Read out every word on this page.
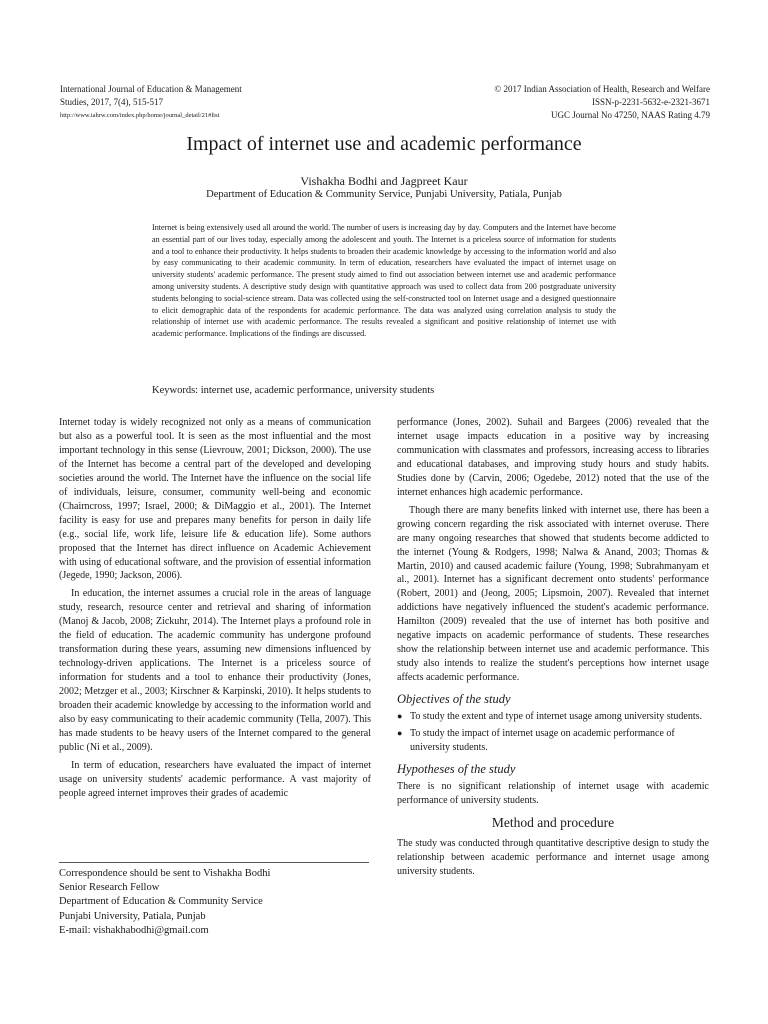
International Journal of Education & Management
Studies, 2017, 7(4), 515-517
http://www.iahrw.com/index.php/home/journal_detail/21#list
© 2017 Indian Association of Health, Research and Welfare
ISSN-p-2231-5632-e-2321-3671
UGC Journal No 47250, NAAS Rating 4.79
Impact of internet use and academic performance
Vishakha Bodhi and Jagpreet Kaur
Department of Education & Community Service, Punjabi University, Patiala, Punjab

Internet is being extensively used all around the world. The number of users is increasing day by day. Computers and the Internet have become an essential part of our lives today, especially among the adolescent and youth. The Internet is a priceless source of information for students and a tool to enhance their productivity. It helps students to broaden their academic knowledge by accessing to the information world and also by easy communicating to their academic community. In term of education, researchers have evaluated the impact of internet usage on university students' academic performance. The present study aimed to find out association between internet use and academic performance among university students. A descriptive study design with quantitative approach was used to collect data from 200 postgraduate university students belonging to social-science stream. Data was collected using the self-constructed tool on Internet usage and a designed questionnaire to elicit demographic data of the respondents for academic performance. The data was analyzed using correlation analysis to study the relationship of internet use with academic performance. The results revealed a significant and positive relationship of internet use with academic performance. Implications of the findings are discussed.

Keywords: internet use, academic performance, university students

Internet today is widely recognized not only as a means of communication but also as a powerful tool. It is seen as the most influential and the most important technology in this sense (Lievrouw, 2001; Dickson, 2000). The use of the Internet has become a central part of the developed and developing societies around the world. The Internet have the influence on the social life of individuals, leisure, consumer, community well-being and economic (Chairncross, 1997; Israel, 2000; & DiMaggio et al., 2001). The Internet facility is easy for use and prepares many benefits for person in daily life (e.g., social life, work life, leisure life & education life). Some authors proposed that the Internet has direct influence on Academic Achievement with using of educational software, and the provision of essential information (Jegede, 1990; Jackson, 2006).

In education, the internet assumes a crucial role in the areas of language study, research, resource center and retrieval and sharing of information (Manoj & Jacob, 2008; Zickuhr, 2014). The Internet plays a profound role in the field of education. The academic community has undergone profound transformation during these years, assuming new dimensions influenced by technology-driven applications. The Internet is a priceless source of information for students and a tool to enhance their productivity (Jones, 2002; Metzger et al., 2003; Kirschner & Karpinski, 2010). It helps students to broaden their academic knowledge by accessing to the information world and also by easy communicating to their academic community (Tella, 2007). This has made students to be heavy users of the Internet compared to the general public (Ni et al., 2009).

In term of education, researchers have evaluated the impact of internet usage on university students' academic performance. A vast majority of people agreed internet improves their grades of academic

performance (Jones, 2002). Suhail and Bargees (2006) revealed that the internet usage impacts education in a positive way by increasing communication with classmates and professors, increasing access to libraries and educational databases, and improving study hours and study habits. Studies done by (Carvin, 2006; Ogedebe, 2012) noted that the use of the internet enhances high academic performance.

Though there are many benefits linked with internet use, there has been a growing concern regarding the risk associated with internet overuse. There are many ongoing researches that showed that students become addicted to the internet (Young & Rodgers, 1998; Nalwa & Anand, 2003; Thomas & Martin, 2010) and caused academic failure (Young, 1998; Subrahmanyam et al., 2001). Internet has a significant decrement onto students' performance (Robert, 2001) and (Jeong, 2005; Lipsmoin, 2007). Revealed that internet addictions have negatively influenced the student's academic performance. Hamilton (2009) revealed that the use of internet has both positive and negative impacts on academic performance of students. These researches show the relationship between internet use and academic performance. This study also intends to realize the student's perceptions how internet usage affects academic performance.

Objectives of the study
● To study the extent and type of internet usage among university students.
● To study the impact of internet usage on academic performance of university students.
Hypotheses of the study

There is no significant relationship of internet usage with academic performance of university students.

Method and procedure

The study was conducted through quantitative descriptive design to study the relationship between academic performance and internet usage among university students.

Correspondence should be sent to Vishakha Bodhi
Senior Research Fellow
Department of Education & Community Service
Punjabi University, Patiala, Punjab
E-mail: vishakhabodhi@gmail.com
